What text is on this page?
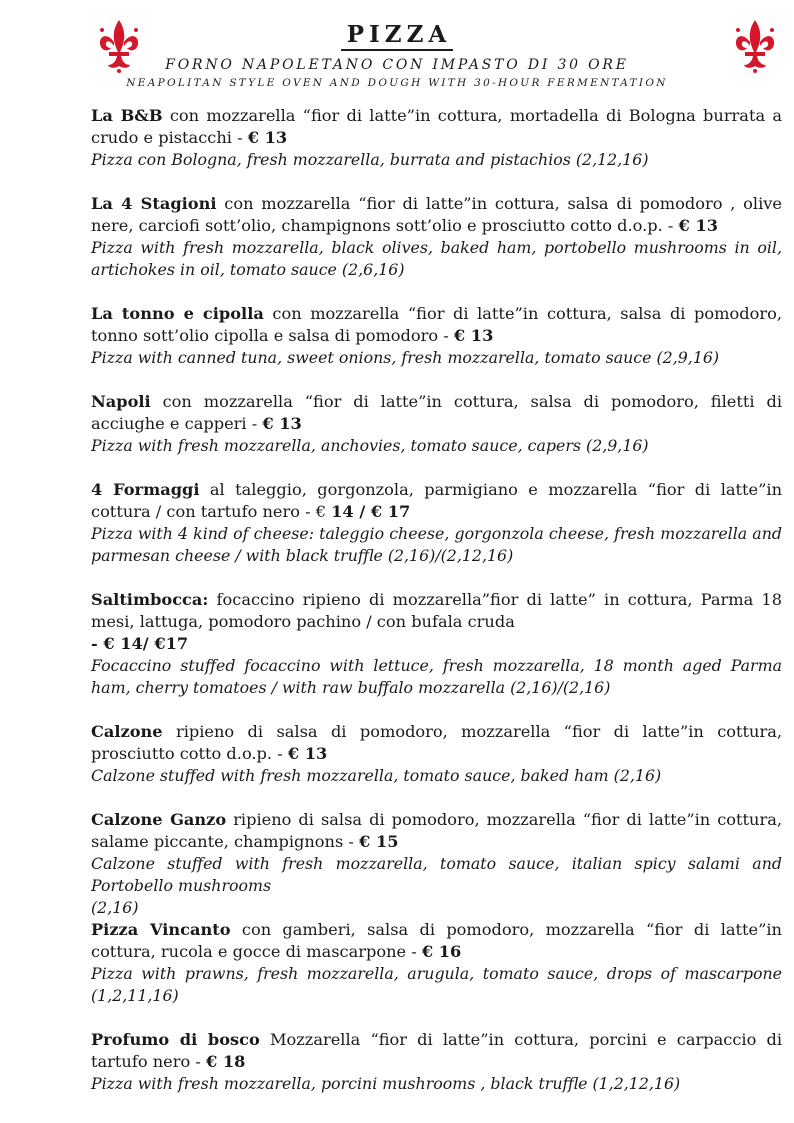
PIZZA
FORNO NAPOLETANO CON IMPASTO DI 30 ORE
NEAPOLITAN STYLE OVEN AND DOUGH WITH 30-HOUR FERMENTATION

La B&B con mozzarella “fior di latte”in cottura, mortadella di Bologna burrata a crudo e pistacchi - € 13

Pizza con Bologna, fresh mozzarella, burrata and pistachios (2,12,16)

La 4 Stagioni con mozzarella “fior di latte”in cottura, salsa di pomodoro , olive nere, carciofi sott’olio, champignons sott’olio e prosciutto cotto d.o.p. - € 13

Pizza with fresh mozzarella, black olives, baked ham, portobello mushrooms in oil, artichokes in oil, tomato sauce (2,6,16)

La tonno e cipolla con mozzarella “fior di latte”in cottura, salsa di pomodoro, tonno sott’olio cipolla e salsa di pomodoro - € 13

Pizza with canned tuna, sweet onions, fresh mozzarella, tomato sauce (2,9,16)

Napoli con mozzarella “fior di latte”in cottura, salsa di pomodoro, filetti di acciughe e capperi - € 13

Pizza with fresh mozzarella, anchovies, tomato sauce, capers (2,9,16)

4 Formaggi al taleggio, gorgonzola, parmigiano e mozzarella “fior di latte”in cottura / con tartufo nero - € 14 / € 17

Pizza with 4 kind of cheese: taleggio cheese, gorgonzola cheese, fresh mozzarella and parmesan cheese / with black truffle (2,16)/(2,12,16)

Saltimbocca: focaccino ripieno di mozzarella”fior di latte” in cottura, Parma 18 mesi, lattuga, pomodoro pachino / con bufala cruda

- € 14/ €17

Focaccino stuffed focaccino with lettuce, fresh mozzarella, 18 month aged Parma ham, cherry tomatoes / with raw buffalo mozzarella (2,16)/(2,16)

Calzone ripieno di salsa di pomodoro, mozzarella “fior di latte”in cottura, prosciutto cotto d.o.p. - € 13

Calzone stuffed with fresh mozzarella, tomato sauce, baked ham (2,16)

Calzone Ganzo ripieno di salsa di pomodoro, mozzarella “fior di latte”in cottura, salame piccante, champignons - € 15

Calzone stuffed with fresh mozzarella, tomato sauce, italian spicy salami and Portobello mushrooms

(2,16)

Pizza Vincanto con gamberi, salsa di pomodoro, mozzarella “fior di latte”in cottura, rucola e gocce di mascarpone - € 16

Pizza with prawns, fresh mozzarella, arugula, tomato sauce, drops of mascarpone (1,2,11,16)

Profumo di bosco Mozzarella “fior di latte”in cottura, porcini e carpaccio di tartufo nero - € 18

Pizza with fresh mozzarella, porcini mushrooms , black truffle (1,2,12,16)
